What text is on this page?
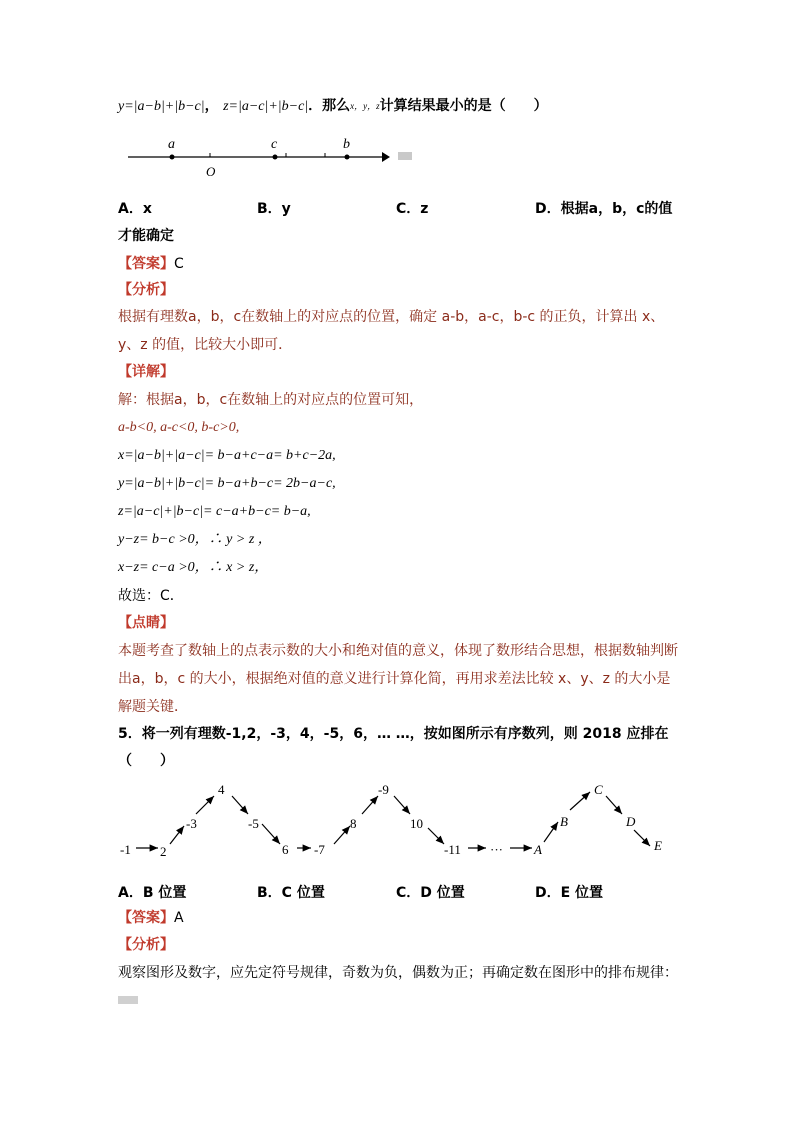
y=|a−b|+|b−c|， z=|a−c|+|b−c|．那么x，y，z计算结果最小的是（　　）
a	c	b
O
A．x	B．y	C．z	D．根据a，b，c的值
才能确定
【答案】C
【分析】
根据有理数a，b，c在数轴上的对应点的位置，确定 a-b，a-c，b-c 的正负，计算出 x、
y、z 的值，比较大小即可．
【详解】
解：根据a，b，c在数轴上的对应点的位置可知，
a-b<0, a-c<0, b-c>0,
x=|a−b|+|a−c|= b−a+c−a= b+c−2a,
y=|a−b|+|b−c|= b−a+b−c= 2b−a−c,
z=|a−c|+|b−c|= c−a+b−c= b−a,
y−z= b−c >0，∴ y > z ，
x−z= c−a >0，∴ x > z，
故选：C．
【点睛】
本题考查了数轴上的点表示数的大小和绝对值的意义，体现了数形结合思想，根据数轴判断
出a，b，c 的大小，根据绝对值的意义进行计算化简，再用求差法比较 x、y、z 的大小是
解题关键．
5．将一列有理数-1,2，-3，4，-5，6，… …，按如图所示有序数列，则 2018 应排在
（　　）
-1 2
-3
4
-5
6 -7
8
-9
10
-11 ··· A
B
C
D
E
A．B 位置	B．C 位置	C．D 位置	D．E 位置
【答案】A
【分析】
观察图形及数字，应先定符号规律，奇数为负，偶数为正；再确定数在图形中的排布规律：
